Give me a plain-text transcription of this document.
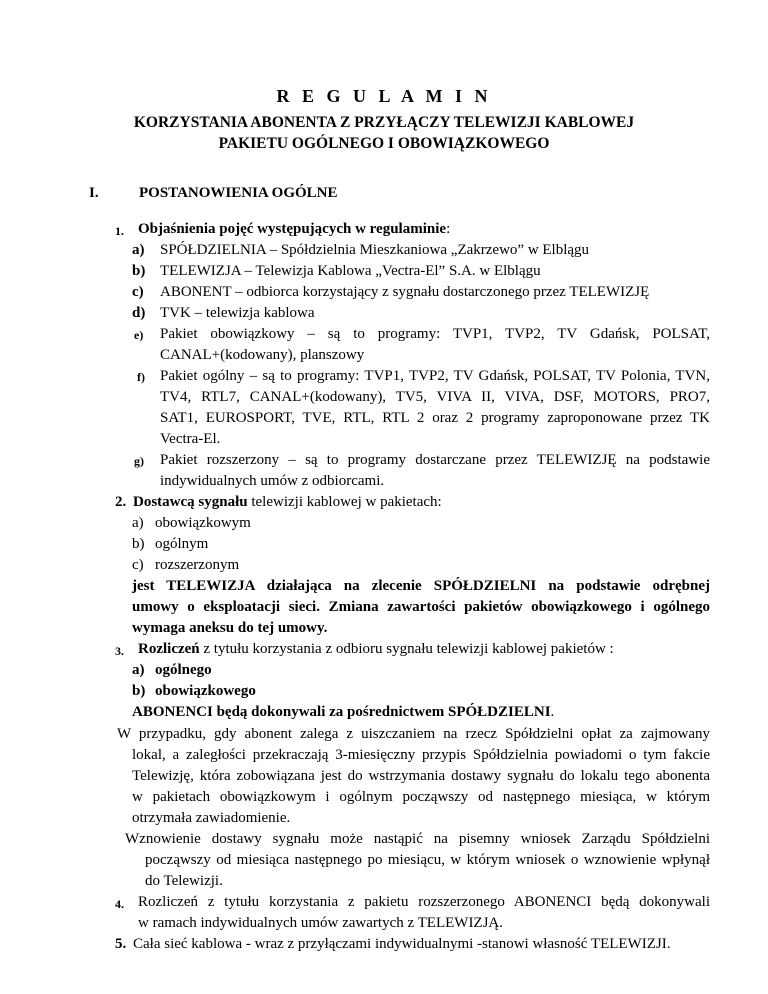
R E G U L A M I N
KORZYSTANIA ABONENTA Z PRZYŁĄCZY TELEWIZJI KABLOWEJ
PAKIETU OGÓLNEGO I OBOWIĄZKOWEGO
I.	POSTANOWIENIA OGÓLNE
1. Objaśnienia pojęć występujących w regulaminie:
a) SPÓŁDZIELNIA – Spółdzielnia Mieszkaniowa „Zakrzewo” w Elblągu
b) TELEWIZJA – Telewizja Kablowa „Vectra-El” S.A. w Elblągu
c) ABONENT – odbiorca korzystający z sygnału dostarczonego przez TELEWIZJĘ
d) TVK – telewizja kablowa
e) Pakiet obowiązkowy – są to programy: TVP1, TVP2, TV Gdańsk, POLSAT,
CANAL+(kodowany), planszowy
f) Pakiet ogólny – są to programy: TVP1, TVP2, TV Gdańsk, POLSAT, TV Polonia, TVN,
TV4, RTL7, CANAL+(kodowany), TV5, VIVA II, VIVA, DSF, MOTORS, PRO7,
SAT1, EUROSPORT, TVE, RTL, RTL 2 oraz 2 programy zaproponowane przez TK
Vectra-El.
g) Pakiet rozszerzony – są to programy dostarczane przez TELEWIZJĘ na podstawie
indywidualnych umów z odbiorcami.
2. Dostawcą sygnału telewizji kablowej w pakietach:
a) obowiązkowym
b) ogólnym
c) rozszerzonym
jest TELEWIZJA działająca na zlecenie SPÓŁDZIELNI na podstawie odrębnej
umowy o eksploatacji sieci. Zmiana zawartości pakietów obowiązkowego i ogólnego
wymaga aneksu do tej umowy.
3. Rozliczeń z tytułu korzystania z odbioru sygnału telewizji kablowej pakietów :
a) ogólnego
b) obowiązkowego
ABONENCI będą dokonywali za pośrednictwem SPÓŁDZIELNI.
W przypadku, gdy abonent zalega z uiszczaniem na rzecz Spółdzielni opłat za zajmowany
lokal, a zaległości przekraczają 3-miesięczny przypis Spółdzielnia powiadomi o tym fakcie
Telewizję, która zobowiązana jest do wstrzymania dostawy sygnału do lokalu tego abonenta
w pakietach obowiązkowym i ogólnym począwszy od następnego miesiąca, w którym
otrzymała zawiadomienie.
Wznowienie dostawy sygnału może nastąpić na pisemny wniosek Zarządu Spółdzielni
począwszy od miesiąca następnego po miesiącu, w którym wniosek o wznowienie wpłynął
do Telewizji.
4. Rozliczeń z tytułu korzystania z pakietu rozszerzonego ABONENCI będą dokonywali
w ramach indywidualnych umów zawartych z TELEWIZJĄ.
5. Cała sieć kablowa - wraz z przyłączami indywidualnymi -stanowi własność TELEWIZJI.
